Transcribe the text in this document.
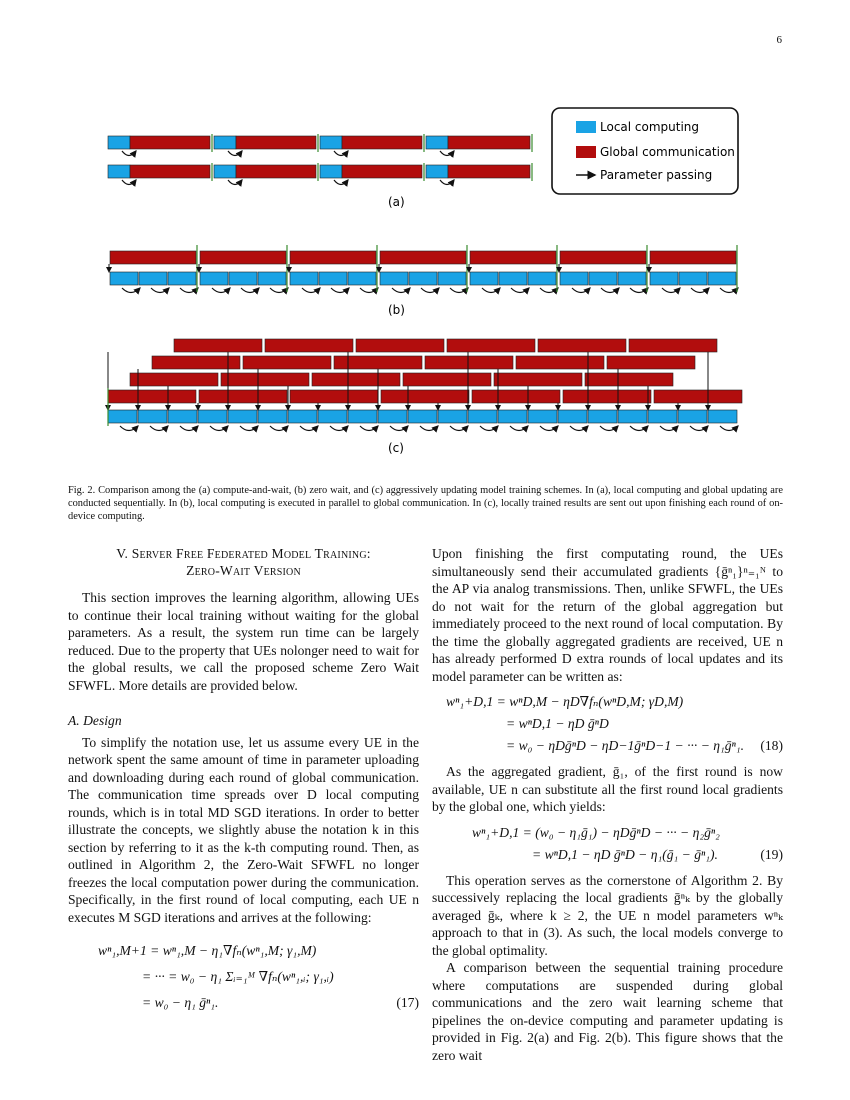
6
Local computing
Global communication
Parameter passing
(a)
(b)
(c)
Fig. 2. Comparison among the (a) compute-and-wait, (b) zero wait, and (c) aggressively updating model training schemes. In (a), local computing and global updating are conducted sequentially. In (b), local computing is executed in parallel to global communication. In (c), locally trained results are sent out upon finishing each round of on-device computing.
V. Server Free Federated Model Training:
Zero-Wait Version

This section improves the learning algorithm, allowing UEs to continue their local training without waiting for the global parameters. As a result, the system run time can be largely reduced. Due to the property that UEs nolonger need to wait for the global results, we call the proposed scheme Zero Wait SFWFL. More details are provided below.

A. Design

To simplify the notation use, let us assume every UE in the network spent the same amount of time in parameter uploading and downloading during each round of global communication. The communication time spreads over D local computing rounds, which is in total MD SGD iterations. In order to better illustrate the concepts, we slightly abuse the notation k in this section by referring to it as the k-th computing round. Then, as outlined in Algorithm 2, the Zero-Wait SFWFL no longer freezes the local computation power during the communication. Specifically, in the first round of local computing, each UE n executes M SGD iterations and arrives at the following:

wⁿ₁,M+1 = wⁿ₁,M − η₁∇fₙ(wⁿ₁,M; γ₁,M)
= ··· = w₀ − η₁ Σᵢ₌₁ᴹ ∇fₙ(wⁿ₁,ᵢ; γ₁,ᵢ)
= w₀ − η₁ ḡⁿ₁.	(17)

Upon finishing the first computating round, the UEs simultaneously send their accumulated gradients {ḡⁿ₁}ⁿ₌₁ᴺ to the AP via analog transmissions. Then, unlike SFWFL, the UEs do not wait for the return of the global aggregation but immediately proceed to the next round of local computation. By the time the globally aggregated gradients are received, UE n has already performed D extra rounds of local updates and its model parameter can be written as:

wⁿ₁+D,1 = wⁿD,M − ηD∇fₙ(wⁿD,M; γD,M)
= wⁿD,1 − ηD ḡⁿD
= w₀ − ηDḡⁿD − ηD−1ḡⁿD−1 − ··· − η₁ḡⁿ₁.	(18)

As the aggregated gradient, ḡ₁, of the first round is now available, UE n can substitute all the first round local gradients by the global one, which yields:

wⁿ₁+D,1 = (w₀ − η₁ḡ₁) − ηDḡⁿD − ··· − η₂ḡⁿ₂
= wⁿD,1 − ηD ḡⁿD − η₁(ḡ₁ − ḡⁿ₁).	(19)

This operation serves as the cornerstone of Algorithm 2. By successively replacing the local gradients ḡⁿₖ by the globally averaged ḡₖ, where k ≥ 2, the UE n model parameters wⁿₖ approach to that in (3). As such, the local models converge to the global optimality.

A comparison between the sequential training procedure where computations are suspended during global communications and the zero wait learning scheme that pipelines the on-device computing and parameter updating is provided in Fig. 2(a) and Fig. 2(b). This figure shows that the zero wait
